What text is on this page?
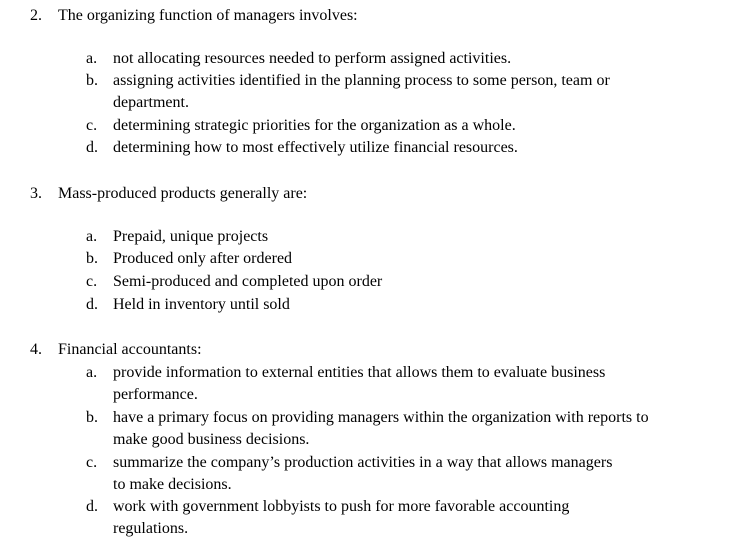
2. The organizing function of managers involves:
a. not allocating resources needed to perform assigned activities.
b. assigning activities identified in the planning process to some person, team or department.
c. determining strategic priorities for the organization as a whole.
d. determining how to most effectively utilize financial resources.
3. Mass-produced products generally are:
a. Prepaid, unique projects
b. Produced only after ordered
c. Semi-produced and completed upon order
d. Held in inventory until sold
4. Financial accountants:
a. provide information to external entities that allows them to evaluate business performance.
b. have a primary focus on providing managers within the organization with reports to make good business decisions.
c. summarize the company’s production activities in a way that allows managers to make decisions.
d. work with government lobbyists to push for more favorable accounting regulations.
